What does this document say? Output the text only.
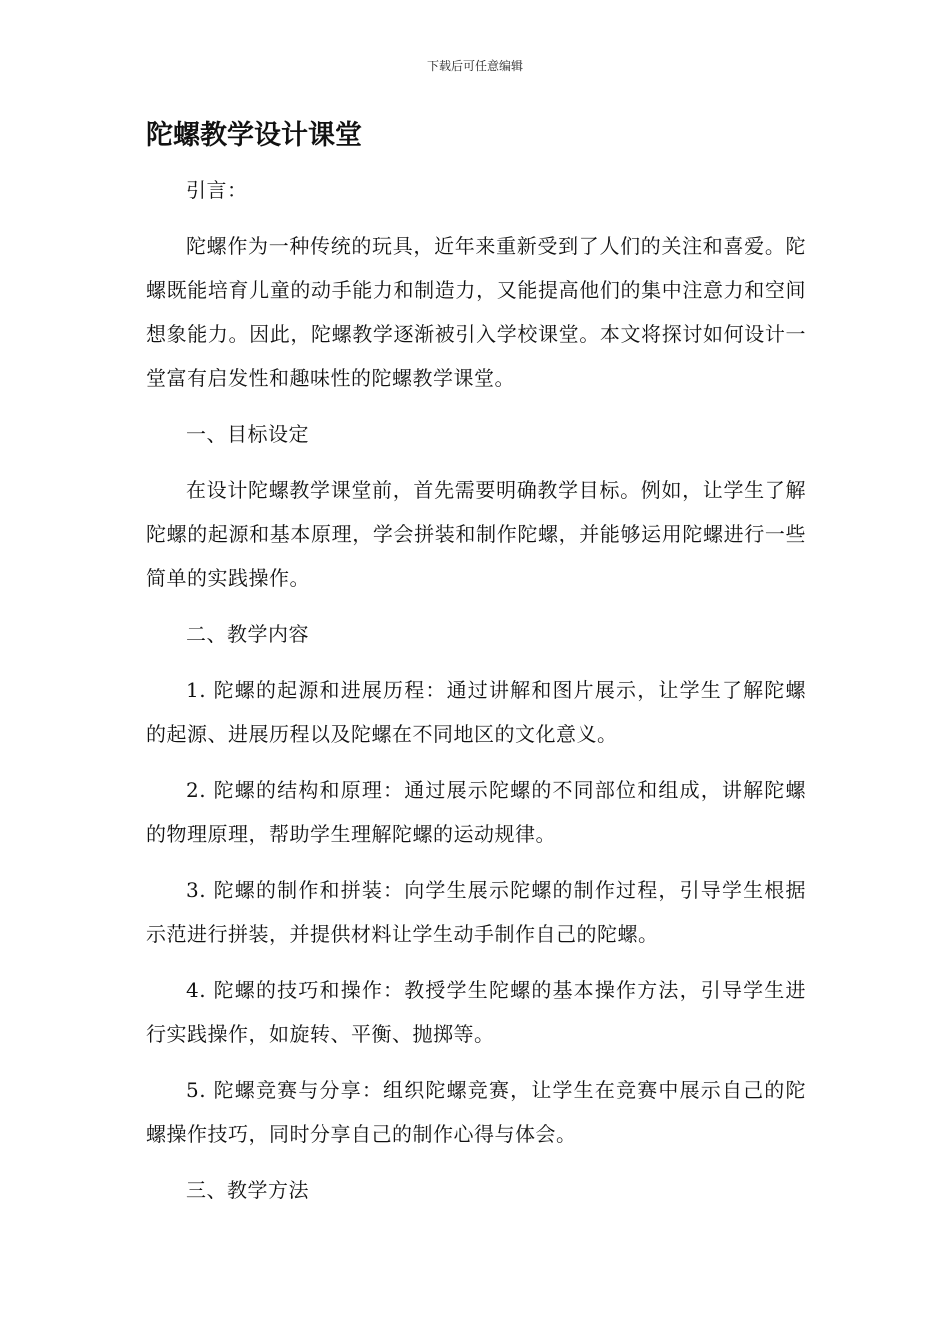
下载后可任意编辑
陀螺教学设计课堂

引言：

陀螺作为一种传统的玩具，近年来重新受到了人们的关注和喜爱。陀螺既能培育儿童的动手能力和制造力，又能提高他们的集中注意力和空间想象能力。因此，陀螺教学逐渐被引入学校课堂。本文将探讨如何设计一堂富有启发性和趣味性的陀螺教学课堂。

一、目标设定

在设计陀螺教学课堂前，首先需要明确教学目标。例如，让学生了解陀螺的起源和基本原理，学会拼装和制作陀螺，并能够运用陀螺进行一些简单的实践操作。

二、教学内容

1. 陀螺的起源和进展历程：通过讲解和图片展示，让学生了解陀螺的起源、进展历程以及陀螺在不同地区的文化意义。

2. 陀螺的结构和原理：通过展示陀螺的不同部位和组成，讲解陀螺的物理原理，帮助学生理解陀螺的运动规律。

3. 陀螺的制作和拼装：向学生展示陀螺的制作过程，引导学生根据示范进行拼装，并提供材料让学生动手制作自己的陀螺。

4. 陀螺的技巧和操作：教授学生陀螺的基本操作方法，引导学生进行实践操作，如旋转、平衡、抛掷等。

5. 陀螺竞赛与分享：组织陀螺竞赛，让学生在竞赛中展示自己的陀螺操作技巧，同时分享自己的制作心得与体会。

三、教学方法
